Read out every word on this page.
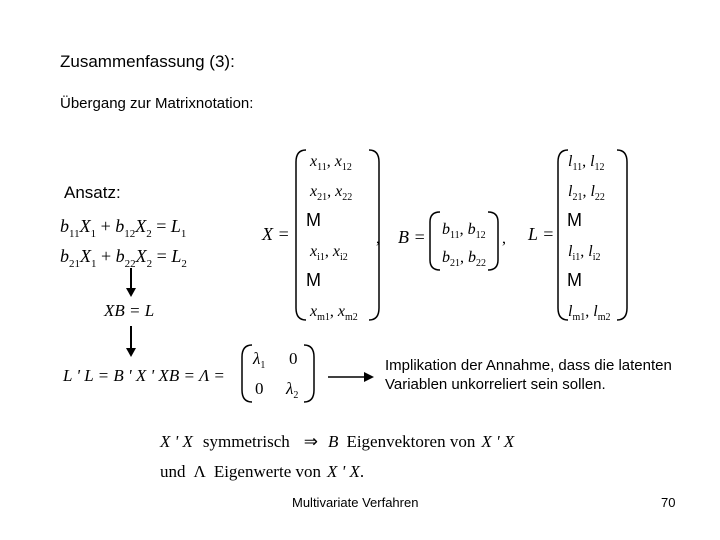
Zusammenfassung (3):
Übergang zur Matrixnotation:
Ansatz:
$b_{11}X_1 + b_{12}X_2 = L_1$
$b_{21}X_1 + b_{22}X_2 = L_2$
XB = L
X =
$x_{11}$, $x_{12}$
$x_{21}$, $x_{22}$
M
$x_{i1}$, $x_{i2}$
M
$x_{m1}$, $x_{m2}$
, $B = b_{11}$, $b_{12}$
$b_{21}$, $b_{22}$
, L =
$l_{11}$, $l_{12}$
$l_{21}$, $l_{22}$
M
$l_{i1}$, $l_{i2}$
M
$l_{m1}$, $l_{m2}$
L ' L = B ' X ' XB = Λ =
$\lambda_1$ 0
0 $\lambda_2$
X ' X symmetrisch ⇒ B Eigenvektoren von X ' X
und Λ Eigenwerte von X ' X.
Implikation der Annahme, dass die latenten Variablen unkorreliert sein sollen.
Multivariate Verfahren	70
